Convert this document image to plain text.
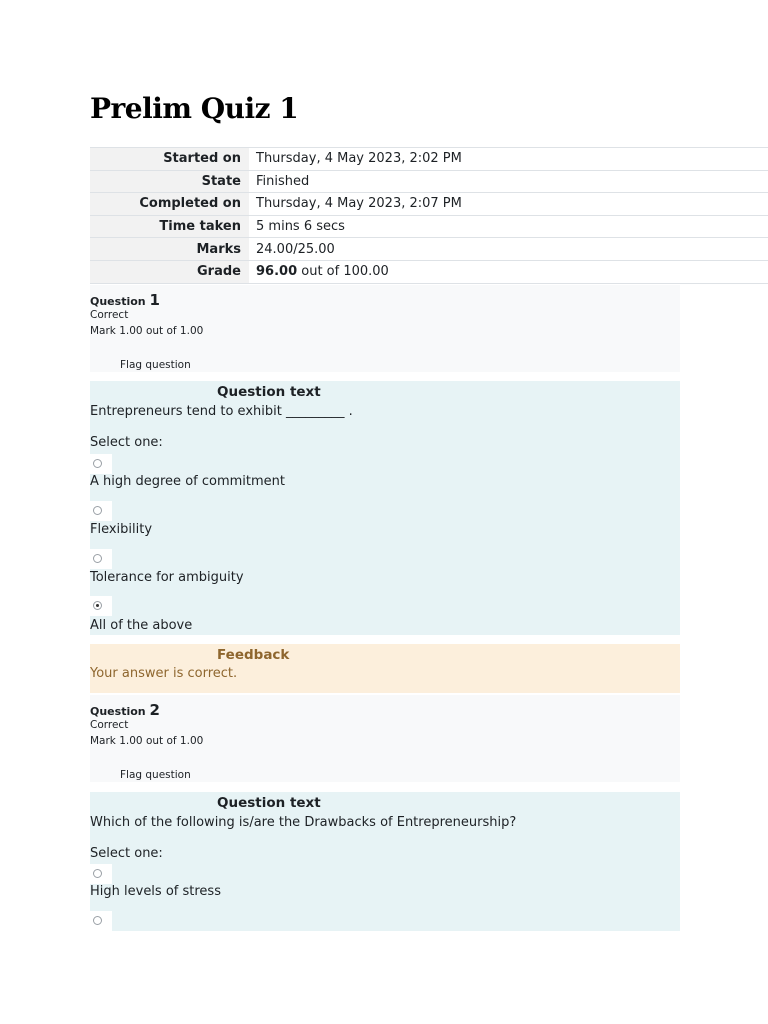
Prelim Quiz 1
Started on	Thursday, 4 May 2023, 2:02 PM
State	Finished
Completed on	Thursday, 4 May 2023, 2:07 PM
Time taken	5 mins 6 secs
Marks	24.00/25.00
Grade	96.00 out of 100.00
Question 1
Correct
Mark 1.00 out of 1.00
Flag question
Question text
Entrepreneurs tend to exhibit _________ .
Select one:
A high degree of commitment
Flexibility
Tolerance for ambiguity
All of the above
Feedback
Your answer is correct.
Question 2
Correct
Mark 1.00 out of 1.00
Flag question
Question text
Which of the following is/are the Drawbacks of Entrepreneurship?
Select one:
High levels of stress
